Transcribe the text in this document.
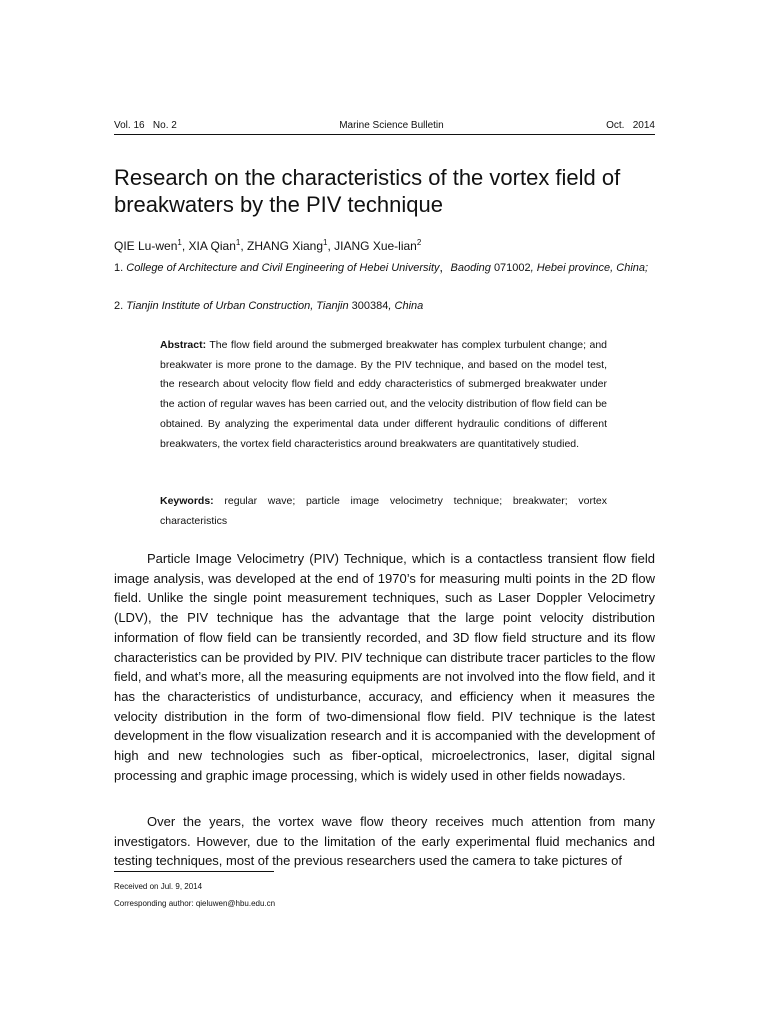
Vol. 16   No. 2	Marine Science Bulletin	Oct.   2014
Research on the characteristics of the vortex field of breakwaters by the PIV technique
QIE Lu-wen$^1$, XIA Qian$^1$, ZHANG Xiang$^1$, JIANG Xue-lian$^2$
1. College of Architecture and Civil Engineering of Hebei University，Baoding 071002, Hebei province, China;
2. Tianjin Institute of Urban Construction, Tianjin 300384, China
Abstract: The flow field around the submerged breakwater has complex turbulent change; and breakwater is more prone to the damage. By the PIV technique, and based on the model test, the research about velocity flow field and eddy characteristics of submerged breakwater under the action of regular waves has been carried out, and the velocity distribution of flow field can be obtained. By analyzing the experimental data under different hydraulic conditions of different breakwaters, the vortex field characteristics around breakwaters are quantitatively studied.
Keywords: regular wave; particle image velocimetry technique; breakwater; vortex characteristics

Particle Image Velocimetry (PIV) Technique, which is a contactless transient flow field image analysis, was developed at the end of 1970’s for measuring multi points in the 2D flow field. Unlike the single point measurement techniques, such as Laser Doppler Velocimetry (LDV), the PIV technique has the advantage that the large point velocity distribution information of flow field can be transiently recorded, and 3D flow field structure and its flow characteristics can be provided by PIV. PIV technique can distribute tracer particles to the flow field, and what’s more, all the measuring equipments are not involved into the flow field, and it has the characteristics of undisturbance, accuracy, and efficiency when it measures the velocity distribution in the form of two-dimensional flow field. PIV technique is the latest development in the flow visualization research and it is accompanied with the development of high and new technologies such as fiber-optical, microelectronics, laser, digital signal processing and graphic image processing, which is widely used in other fields nowadays.

Over the years, the vortex wave flow theory receives much attention from many investigators. However, due to the limitation of the early experimental fluid mechanics and testing techniques, most of the previous researchers used the camera to take pictures of

Received on Jul. 9, 2014
Corresponding author: qieluwen@hbu.edu.cn
